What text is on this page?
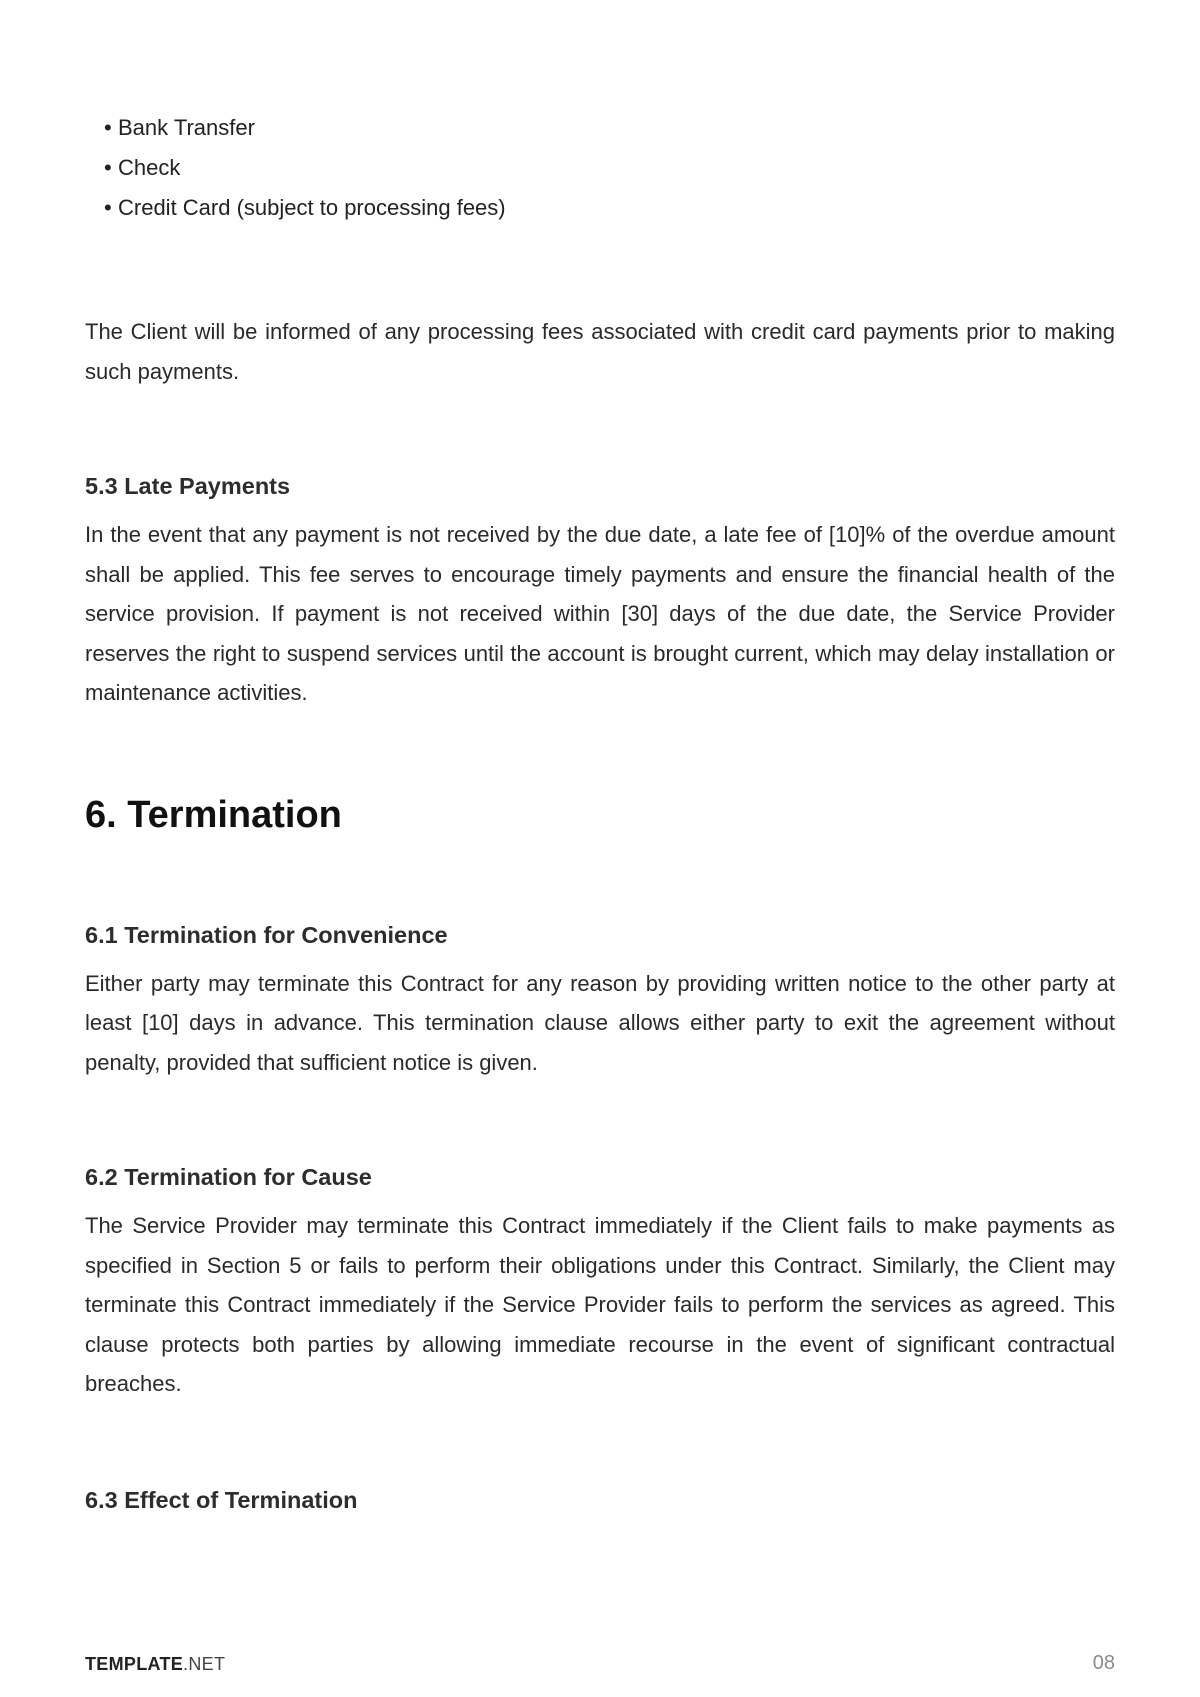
• Bank Transfer
• Check
• Credit Card (subject to processing fees)

The Client will be informed of any processing fees associated with credit card payments prior to making such payments.

5.3 Late Payments

In the event that any payment is not received by the due date, a late fee of [10]% of the overdue amount shall be applied. This fee serves to encourage timely payments and ensure the financial health of the service provision. If payment is not received within [30] days of the due date, the Service Provider reserves the right to suspend services until the account is brought current, which may delay installation or maintenance activities.

6. Termination
6.1 Termination for Convenience

Either party may terminate this Contract for any reason by providing written notice to the other party at least [10] days in advance. This termination clause allows either party to exit the agreement without penalty, provided that sufficient notice is given.

6.2 Termination for Cause

The Service Provider may terminate this Contract immediately if the Client fails to make payments as specified in Section 5 or fails to perform their obligations under this Contract. Similarly, the Client may terminate this Contract immediately if the Service Provider fails to perform the services as agreed. This clause protects both parties by allowing immediate recourse in the event of significant contractual breaches.

6.3 Effect of Termination
TEMPLATE.NET	08
